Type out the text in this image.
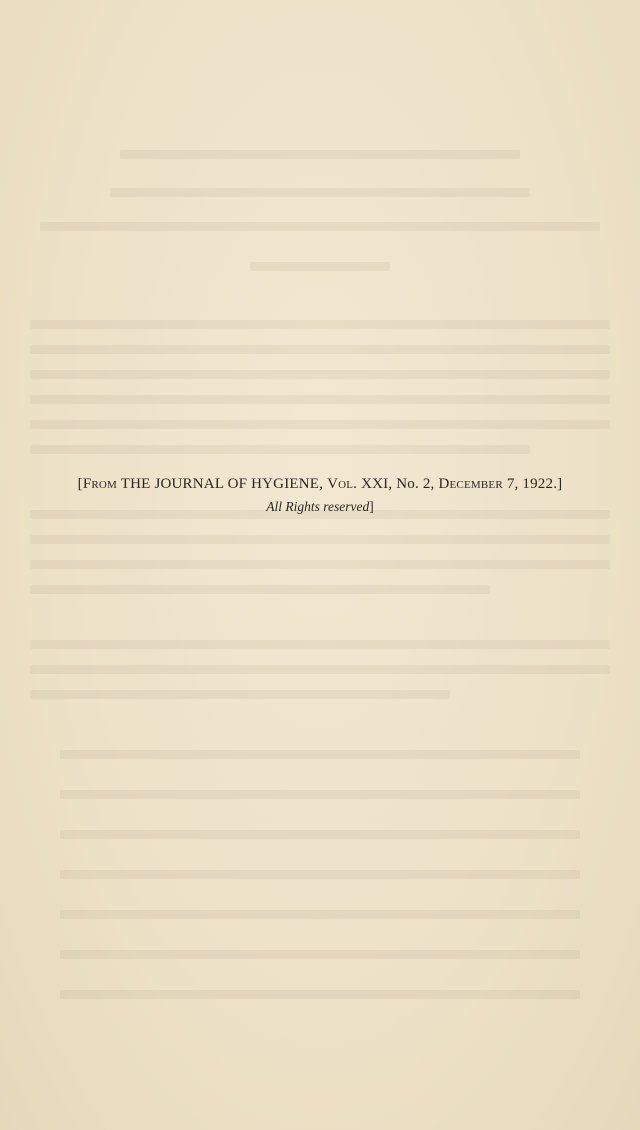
[From THE JOURNAL OF HYGIENE, Vol. XXI, No. 2, December 7, 1922.]
All Rights reserved]
